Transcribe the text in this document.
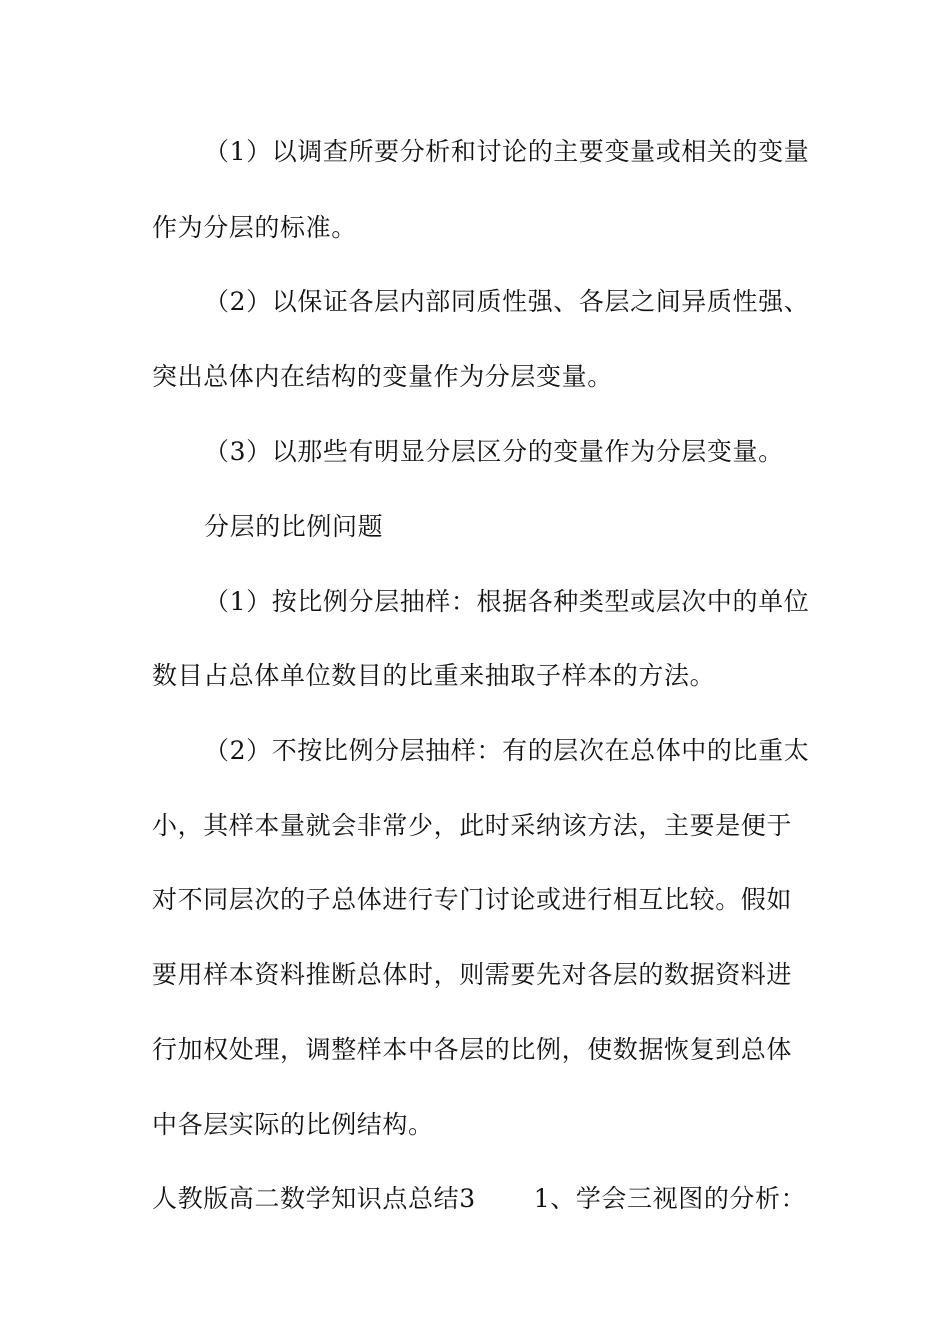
（1）以调查所要分析和讨论的主要变量或相关的变量
作为分层的标准。
（2）以保证各层内部同质性强、各层之间异质性强、
突出总体内在结构的变量作为分层变量。
（3）以那些有明显分层区分的变量作为分层变量。
分层的比例问题
（1）按比例分层抽样：根据各种类型或层次中的单位
数目占总体单位数目的比重来抽取子样本的方法。
（2）不按比例分层抽样：有的层次在总体中的比重太
小，其样本量就会非常少，此时采纳该方法，主要是便于
对不同层次的子总体进行专门讨论或进行相互比较。假如
要用样本资料推断总体时，则需要先对各层的数据资料进
行加权处理，调整样本中各层的比例，使数据恢复到总体
中各层实际的比例结构。
人教版高二数学知识点总结3 1、学会三视图的分析：
